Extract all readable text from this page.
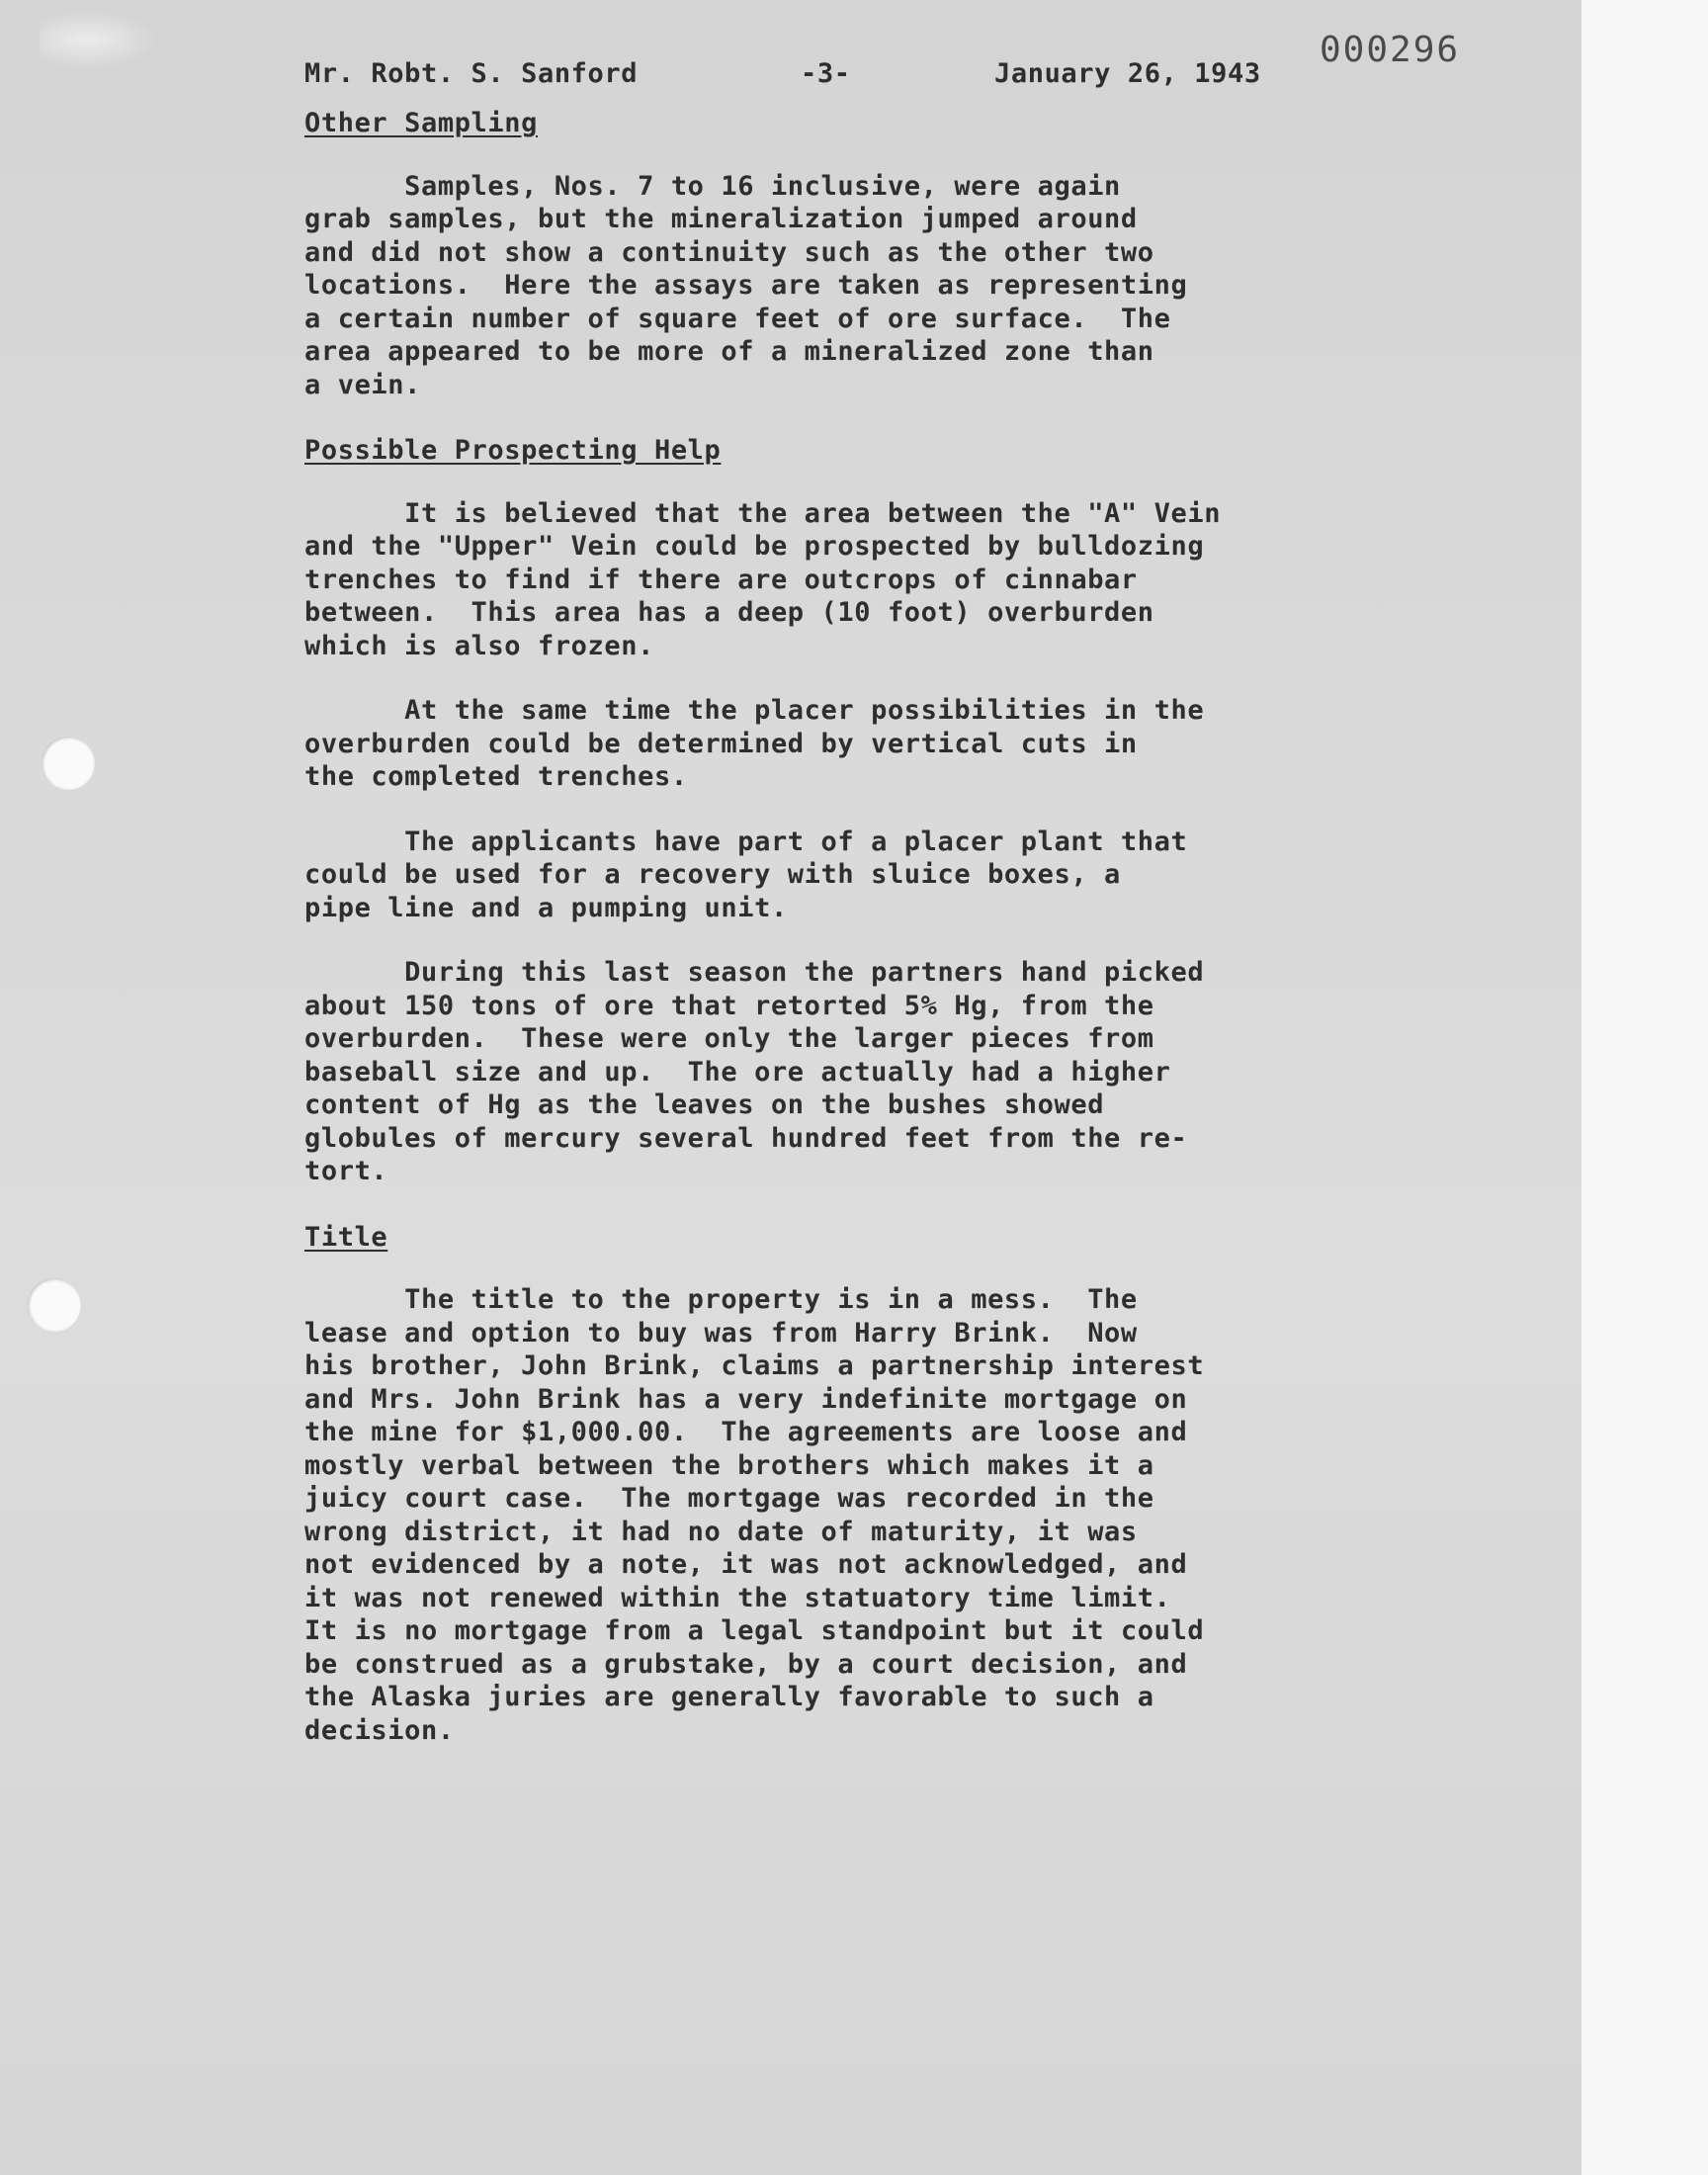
000296
Mr. Robt. S. Sanford	-3-	January 26, 1943
Other Sampling
Samples, Nos. 7 to 16 inclusive, were again
grab samples, but the mineralization jumped around
and did not show a continuity such as the other two
locations.  Here the assays are taken as representing
a certain number of square feet of ore surface.  The
area appeared to be more of a mineralized zone than
a vein.
Possible Prospecting Help
It is believed that the area between the "A" Vein
and the "Upper" Vein could be prospected by bulldozing
trenches to find if there are outcrops of cinnabar
between.  This area has a deep (10 foot) overburden
which is also frozen.
At the same time the placer possibilities in the
overburden could be determined by vertical cuts in
the completed trenches.
The applicants have part of a placer plant that
could be used for a recovery with sluice boxes, a
pipe line and a pumping unit.
During this last season the partners hand picked
about 150 tons of ore that retorted 5% Hg, from the
overburden.  These were only the larger pieces from
baseball size and up.  The ore actually had a higher
content of Hg as the leaves on the bushes showed
globules of mercury several hundred feet from the re-
tort.
Title
The title to the property is in a mess.  The
lease and option to buy was from Harry Brink.  Now
his brother, John Brink, claims a partnership interest
and Mrs. John Brink has a very indefinite mortgage on
the mine for $1,000.00.  The agreements are loose and
mostly verbal between the brothers which makes it a
juicy court case.  The mortgage was recorded in the
wrong district, it had no date of maturity, it was
not evidenced by a note, it was not acknowledged, and
it was not renewed within the statuatory time limit.
It is no mortgage from a legal standpoint but it could
be construed as a grubstake, by a court decision, and
the Alaska juries are generally favorable to such a
decision.
